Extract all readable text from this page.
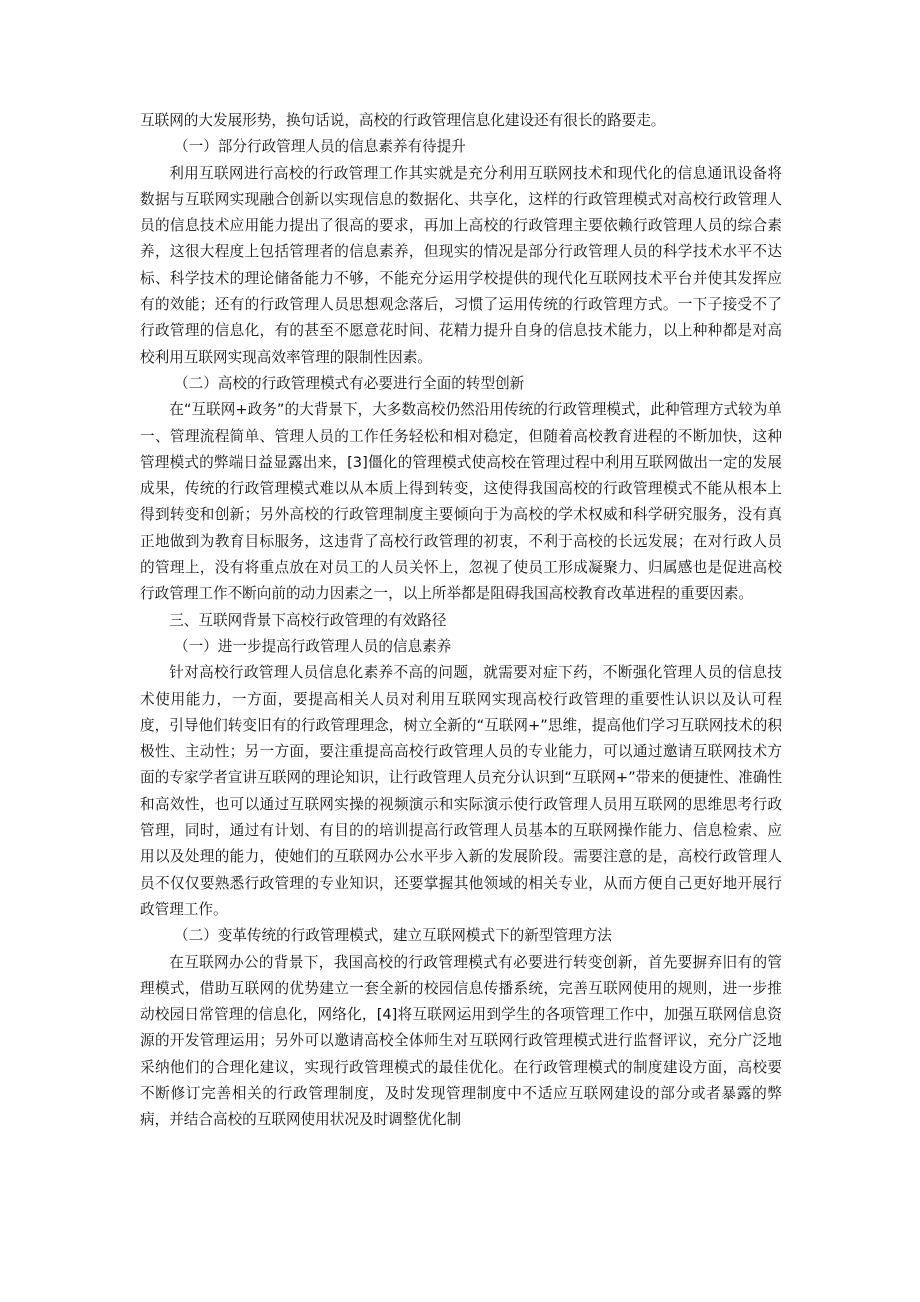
互联网的大发展形势，换句话说，高校的行政管理信息化建设还有很长的路要走。

（一）部分行政管理人员的信息素养有待提升

利用互联网进行高校的行政管理工作其实就是充分利用互联网技术和现代化的信息通讯设备将数据与互联网实现融合创新以实现信息的数据化、共享化，这样的行政管理模式对高校行政管理人员的信息技术应用能力提出了很高的要求，再加上高校的行政管理主要依赖行政管理人员的综合素养，这很大程度上包括管理者的信息素养，但现实的情况是部分行政管理人员的科学技术水平不达标、科学技术的理论储备能力不够，不能充分运用学校提供的现代化互联网技术平台并使其发挥应有的效能；还有的行政管理人员思想观念落后，习惯了运用传统的行政管理方式。一下子接受不了行政管理的信息化，有的甚至不愿意花时间、花精力提升自身的信息技术能力，以上种种都是对高校利用互联网实现高效率管理的限制性因素。

（二）高校的行政管理模式有必要进行全面的转型创新

在“互联网+政务”的大背景下，大多数高校仍然沿用传统的行政管理模式，此种管理方式较为单一、管理流程简单、管理人员的工作任务轻松和相对稳定，但随着高校教育进程的不断加快，这种管理模式的弊端日益显露出来，[3]僵化的管理模式使高校在管理过程中利用互联网做出一定的发展成果，传统的行政管理模式难以从本质上得到转变，这使得我国高校的行政管理模式不能从根本上得到转变和创新；另外高校的行政管理制度主要倾向于为高校的学术权威和科学研究服务，没有真正地做到为教育目标服务，这违背了高校行政管理的初衷，不利于高校的长远发展；在对行政人员的管理上，没有将重点放在对员工的人员关怀上，忽视了使员工形成凝聚力、归属感也是促进高校行政管理工作不断向前的动力因素之一，以上所举都是阻碍我国高校教育改革进程的重要因素。

三、互联网背景下高校行政管理的有效路径

（一）进一步提高行政管理人员的信息素养

针对高校行政管理人员信息化素养不高的问题，就需要对症下药，不断强化管理人员的信息技术使用能力，一方面，要提高相关人员对利用互联网实现高校行政管理的重要性认识以及认可程度，引导他们转变旧有的行政管理理念，树立全新的“互联网+”思维，提高他们学习互联网技术的积极性、主动性；另一方面，要注重提高高校行政管理人员的专业能力，可以通过邀请互联网技术方面的专家学者宣讲互联网的理论知识，让行政管理人员充分认识到“互联网+”带来的便捷性、准确性和高效性，也可以通过互联网实操的视频演示和实际演示使行政管理人员用互联网的思维思考行政管理，同时，通过有计划、有目的的培训提高行政管理人员基本的互联网操作能力、信息检索、应用以及处理的能力，使她们的互联网办公水平步入新的发展阶段。需要注意的是，高校行政管理人员不仅仅要熟悉行政管理的专业知识，还要掌握其他领域的相关专业，从而方便自己更好地开展行政管理工作。

（二）变革传统的行政管理模式，建立互联网模式下的新型管理方法

在互联网办公的背景下，我国高校的行政管理模式有必要进行转变创新，首先要摒弃旧有的管理模式，借助互联网的优势建立一套全新的校园信息传播系统，完善互联网使用的规则，进一步推动校园日常管理的信息化，网络化，[4]将互联网运用到学生的各项管理工作中，加强互联网信息资源的开发管理运用；另外可以邀请高校全体师生对互联网行政管理模式进行监督评议，充分广泛地采纳他们的合理化建议，实现行政管理模式的最佳优化。在行政管理模式的制度建设方面，高校要不断修订完善相关的行政管理制度，及时发现管理制度中不适应互联网建设的部分或者暴露的弊病，并结合高校的互联网使用状况及时调整优化制
